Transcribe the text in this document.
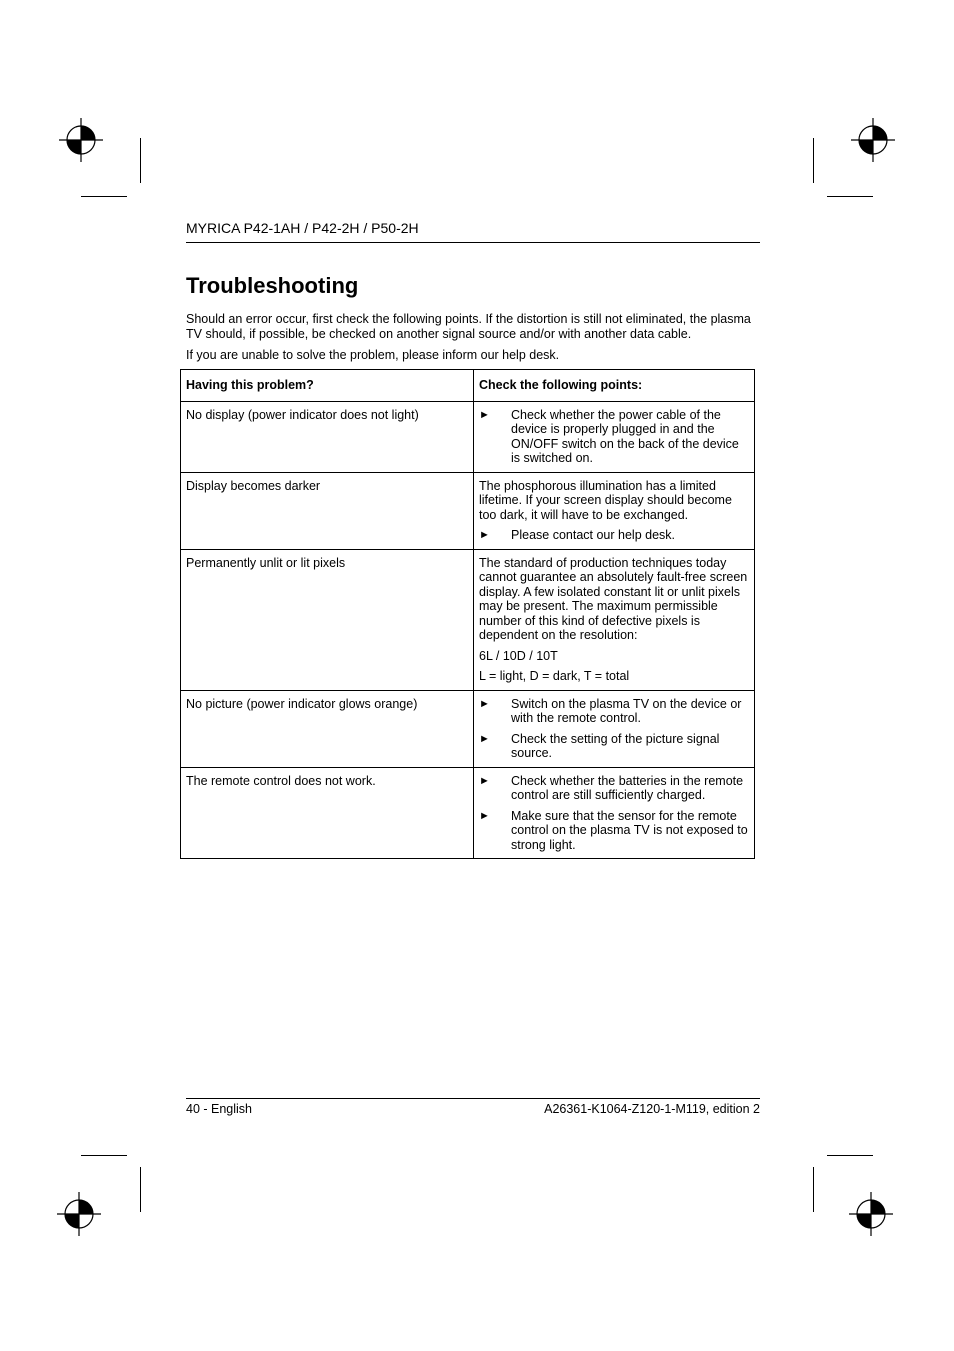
MYRICA P42-1AH / P42-2H / P50-2H
Troubleshooting

Should an error occur, first check the following points. If the distortion is still not eliminated, the plasma TV should, if possible, be checked on another signal source and/or with another data cable.

If you are unable to solve the problem, please inform our help desk.

Having this problem?	Check the following points:
No display (power indicator does not light)	► Check whether the power cable of the device is properly plugged in and the ON/OFF switch on the back of the device is switched on.

Display becomes darker	The phosphorous illumination has a limited lifetime. If your screen display should become too dark, it will have to be exchanged.
► Please contact our help desk.

Permanently unlit or lit pixels	The standard of production techniques today cannot guarantee an absolutely fault-free screen display. A few isolated constant lit or unlit pixels may be present. The maximum permissible number of this kind of defective pixels is dependent on the resolution:
6L / 10D / 10T
L = light, D = dark, T = total

No picture (power indicator glows orange)	► Switch on the plasma TV on the device or with the remote control.
► Check the setting of the picture signal source.

The remote control does not work.	► Check whether the batteries in the remote control are still sufficiently charged.
► Make sure that the sensor for the remote control on the plasma TV is not exposed to strong light.
40 - English	A26361-K1064-Z120-1-M119, edition 2
